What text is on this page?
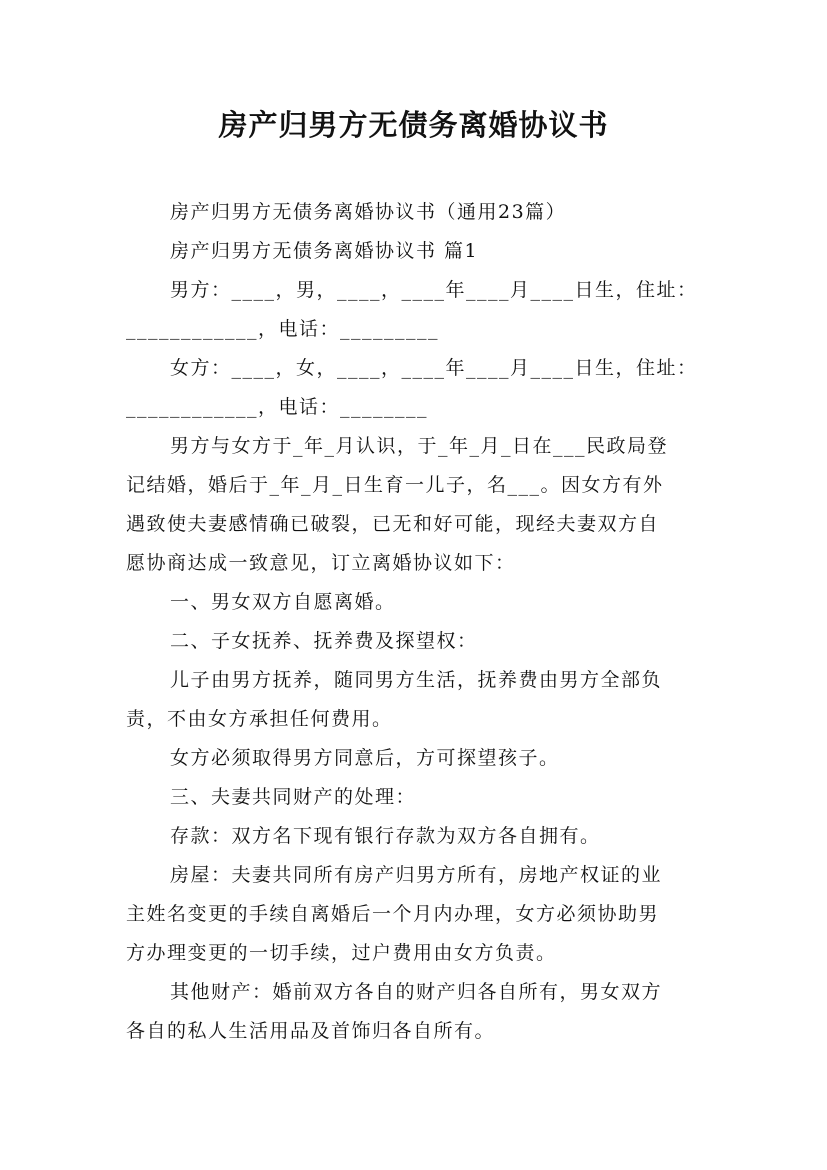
房产归男方无债务离婚协议书
房产归男方无债务离婚协议书（通用23篇）
房产归男方无债务离婚协议书 篇1
男方：____，男，____，____年____月____日生，住址：
____________，电话：_________
女方：____，女，____，____年____月____日生，住址：
____________，电话：________
男方与女方于_年_月认识，于_年_月_日在___民政局登
记结婚，婚后于_年_月_日生育一儿子，名___。因女方有外
遇致使夫妻感情确已破裂，已无和好可能，现经夫妻双方自
愿协商达成一致意见，订立离婚协议如下：
一、男女双方自愿离婚。
二、子女抚养、抚养费及探望权：
儿子由男方抚养，随同男方生活，抚养费由男方全部负
责，不由女方承担任何费用。
女方必须取得男方同意后，方可探望孩子。
三、夫妻共同财产的处理：
存款：双方名下现有银行存款为双方各自拥有。
房屋：夫妻共同所有房产归男方所有，房地产权证的业
主姓名变更的手续自离婚后一个月内办理，女方必须协助男
方办理变更的一切手续，过户费用由女方负责。
其他财产：婚前双方各自的财产归各自所有，男女双方
各自的私人生活用品及首饰归各自所有。
